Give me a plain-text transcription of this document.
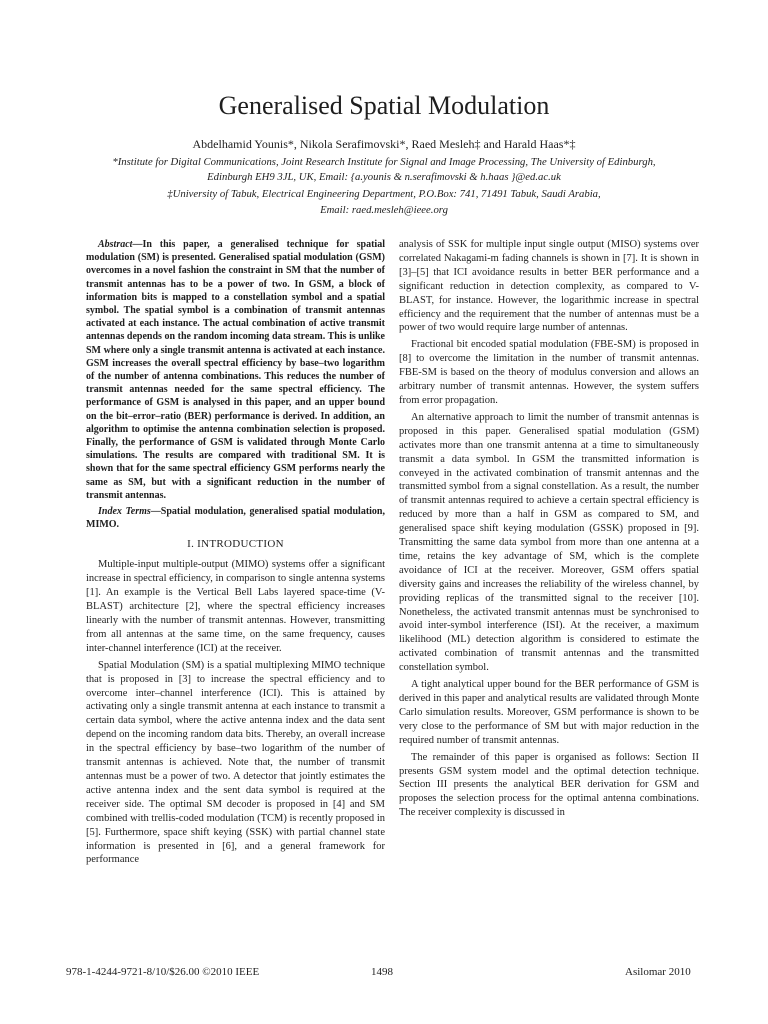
Generalised Spatial Modulation
Abdelhamid Younis*, Nikola Serafimovski*, Raed Mesleh‡ and Harald Haas*‡
*Institute for Digital Communications, Joint Research Institute for Signal and Image Processing, The University of Edinburgh,
Edinburgh EH9 3JL, UK, Email: {a.younis & n.serafimovski & h.haas }@ed.ac.uk
‡University of Tabuk, Electrical Engineering Department, P.O.Box: 741, 71491 Tabuk, Saudi Arabia,
Email: raed.mesleh@ieee.org

Abstract—In this paper, a generalised technique for spatial modulation (SM) is presented. Generalised spatial modulation (GSM) overcomes in a novel fashion the constraint in SM that the number of transmit antennas has to be a power of two. In GSM, a block of information bits is mapped to a constellation symbol and a spatial symbol. The spatial symbol is a combination of transmit antennas activated at each instance. The actual combination of active transmit antennas depends on the random incoming data stream. This is unlike SM where only a single transmit antenna is activated at each instance. GSM increases the overall spectral efficiency by base–two logarithm of the number of antenna combinations. This reduces the number of transmit antennas needed for the same spectral efficiency. The performance of GSM is analysed in this paper, and an upper bound on the bit–error–ratio (BER) performance is derived. In addition, an algorithm to optimise the antenna combination selection is proposed. Finally, the performance of GSM is validated through Monte Carlo simulations. The results are compared with traditional SM. It is shown that for the same spectral efficiency GSM performs nearly the same as SM, but with a significant reduction in the number of transmit antennas.

Index Terms—Spatial modulation, generalised spatial modulation, MIMO.

I. INTRODUCTION

Multiple-input multiple-output (MIMO) systems offer a significant increase in spectral efficiency, in comparison to single antenna systems [1]. An example is the Vertical Bell Labs layered space-time (V-BLAST) architecture [2], where the spectral efficiency increases linearly with the number of transmit antennas. However, transmitting from all antennas at the same time, on the same frequency, causes inter-channel interference (ICI) at the receiver.

Spatial Modulation (SM) is a spatial multiplexing MIMO technique that is proposed in [3] to increase the spectral efficiency and to overcome inter–channel interference (ICI). This is attained by activating only a single transmit antenna at each instance to transmit a certain data symbol, where the active antenna index and the data sent depend on the incoming random data bits. Thereby, an overall increase in the spectral efficiency by base–two logarithm of the number of transmit antennas is achieved. Note that, the number of transmit antennas must be a power of two. A detector that jointly estimates the active antenna index and the sent data symbol is required at the receiver side. The optimal SM decoder is proposed in [4] and SM combined with trellis-coded modulation (TCM) is recently proposed in [5]. Furthermore, space shift keying (SSK) with partial channel state information is presented in [6], and a general framework for performance

analysis of SSK for multiple input single output (MISO) systems over correlated Nakagami-m fading channels is shown in [7]. It is shown in [3]–[5] that ICI avoidance results in better BER performance and a significant reduction in detection complexity, as compared to V-BLAST, for instance. However, the logarithmic increase in spectral efficiency and the requirement that the number of antennas must be a power of two would require large number of antennas.

Fractional bit encoded spatial modulation (FBE-SM) is proposed in [8] to overcome the limitation in the number of transmit antennas. FBE-SM is based on the theory of modulus conversion and allows an arbitrary number of transmit antennas. However, the system suffers from error propagation.

An alternative approach to limit the number of transmit antennas is proposed in this paper. Generalised spatial modulation (GSM) activates more than one transmit antenna at a time to simultaneously transmit a data symbol. In GSM the transmitted information is conveyed in the activated combination of transmit antennas and the transmitted symbol from a signal constellation. As a result, the number of transmit antennas required to achieve a certain spectral efficiency is reduced by more than a half in GSM as compared to SM, and generalised space shift keying modulation (GSSK) proposed in [9]. Transmitting the same data symbol from more than one antenna at a time, retains the key advantage of SM, which is the complete avoidance of ICI at the receiver. Moreover, GSM offers spatial diversity gains and increases the reliability of the wireless channel, by providing replicas of the transmitted signal to the receiver [10]. Nonetheless, the activated transmit antennas must be synchronised to avoid inter-symbol interference (ISI). At the receiver, a maximum likelihood (ML) detection algorithm is considered to estimate the activated combination of transmit antennas and the transmitted constellation symbol.

A tight analytical upper bound for the BER performance of GSM is derived in this paper and analytical results are validated through Monte Carlo simulation results. Moreover, GSM performance is shown to be very close to the performance of SM but with major reduction in the required number of transmit antennas.

The remainder of this paper is organised as follows: Section II presents GSM system model and the optimal detection technique. Section III presents the analytical BER derivation for GSM and proposes the selection process for the optimal antenna combinations. The receiver complexity is discussed in

978-1-4244-9721-8/10/$26.00 ©2010 IEEE	1498	Asilomar 2010
